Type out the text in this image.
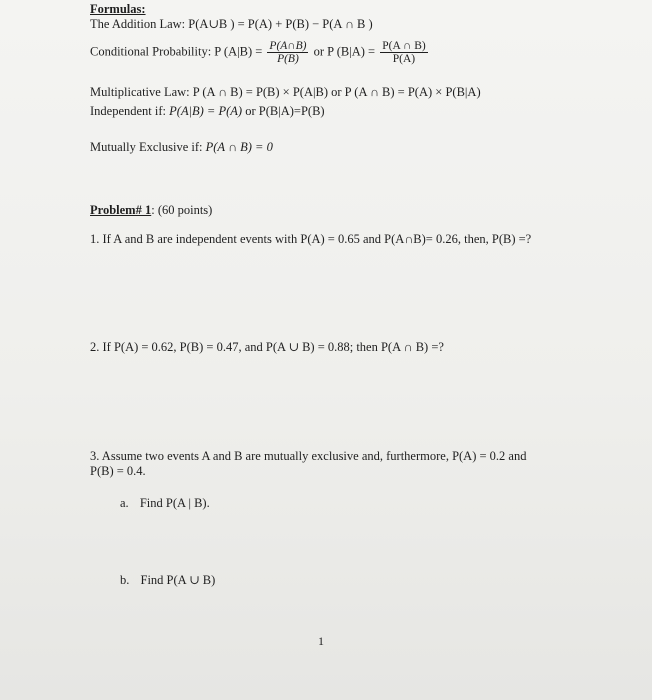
Formulas:
The Addition Law: P(A∪B ) = P(A) + P(B) − P(A ∩ B )
Conditional Probability: P $(A|B) = \frac{P(A\cap B)}{P(B)}$ or P $(B|A) = \frac{P(A \cap B)}{P(A)}$
Multiplicative Law: P (A ∩ B) = P(B) × P(A|B) or P (A ∩ B) = P(A) × P(B|A)
Independent if: P(A|B) = P(A) or P(B|A)=P(B)
Mutually Exclusive if: P(A ∩ B) = 0
Problem# 1: (60 points)
1. If A and B are independent events with P(A) = 0.65 and P(A∩B)= 0.26, then, P(B) =?
2. If P(A) = 0.62, P(B) = 0.47, and P(A ∪ B) = 0.88; then P(A ∩ B) =?
3. Assume two events A and B are mutually exclusive and, furthermore, P(A) = 0.2 and
P(B) = 0.4.
a. Find P(A | B).
b. Find P(A ∪ B)
1
